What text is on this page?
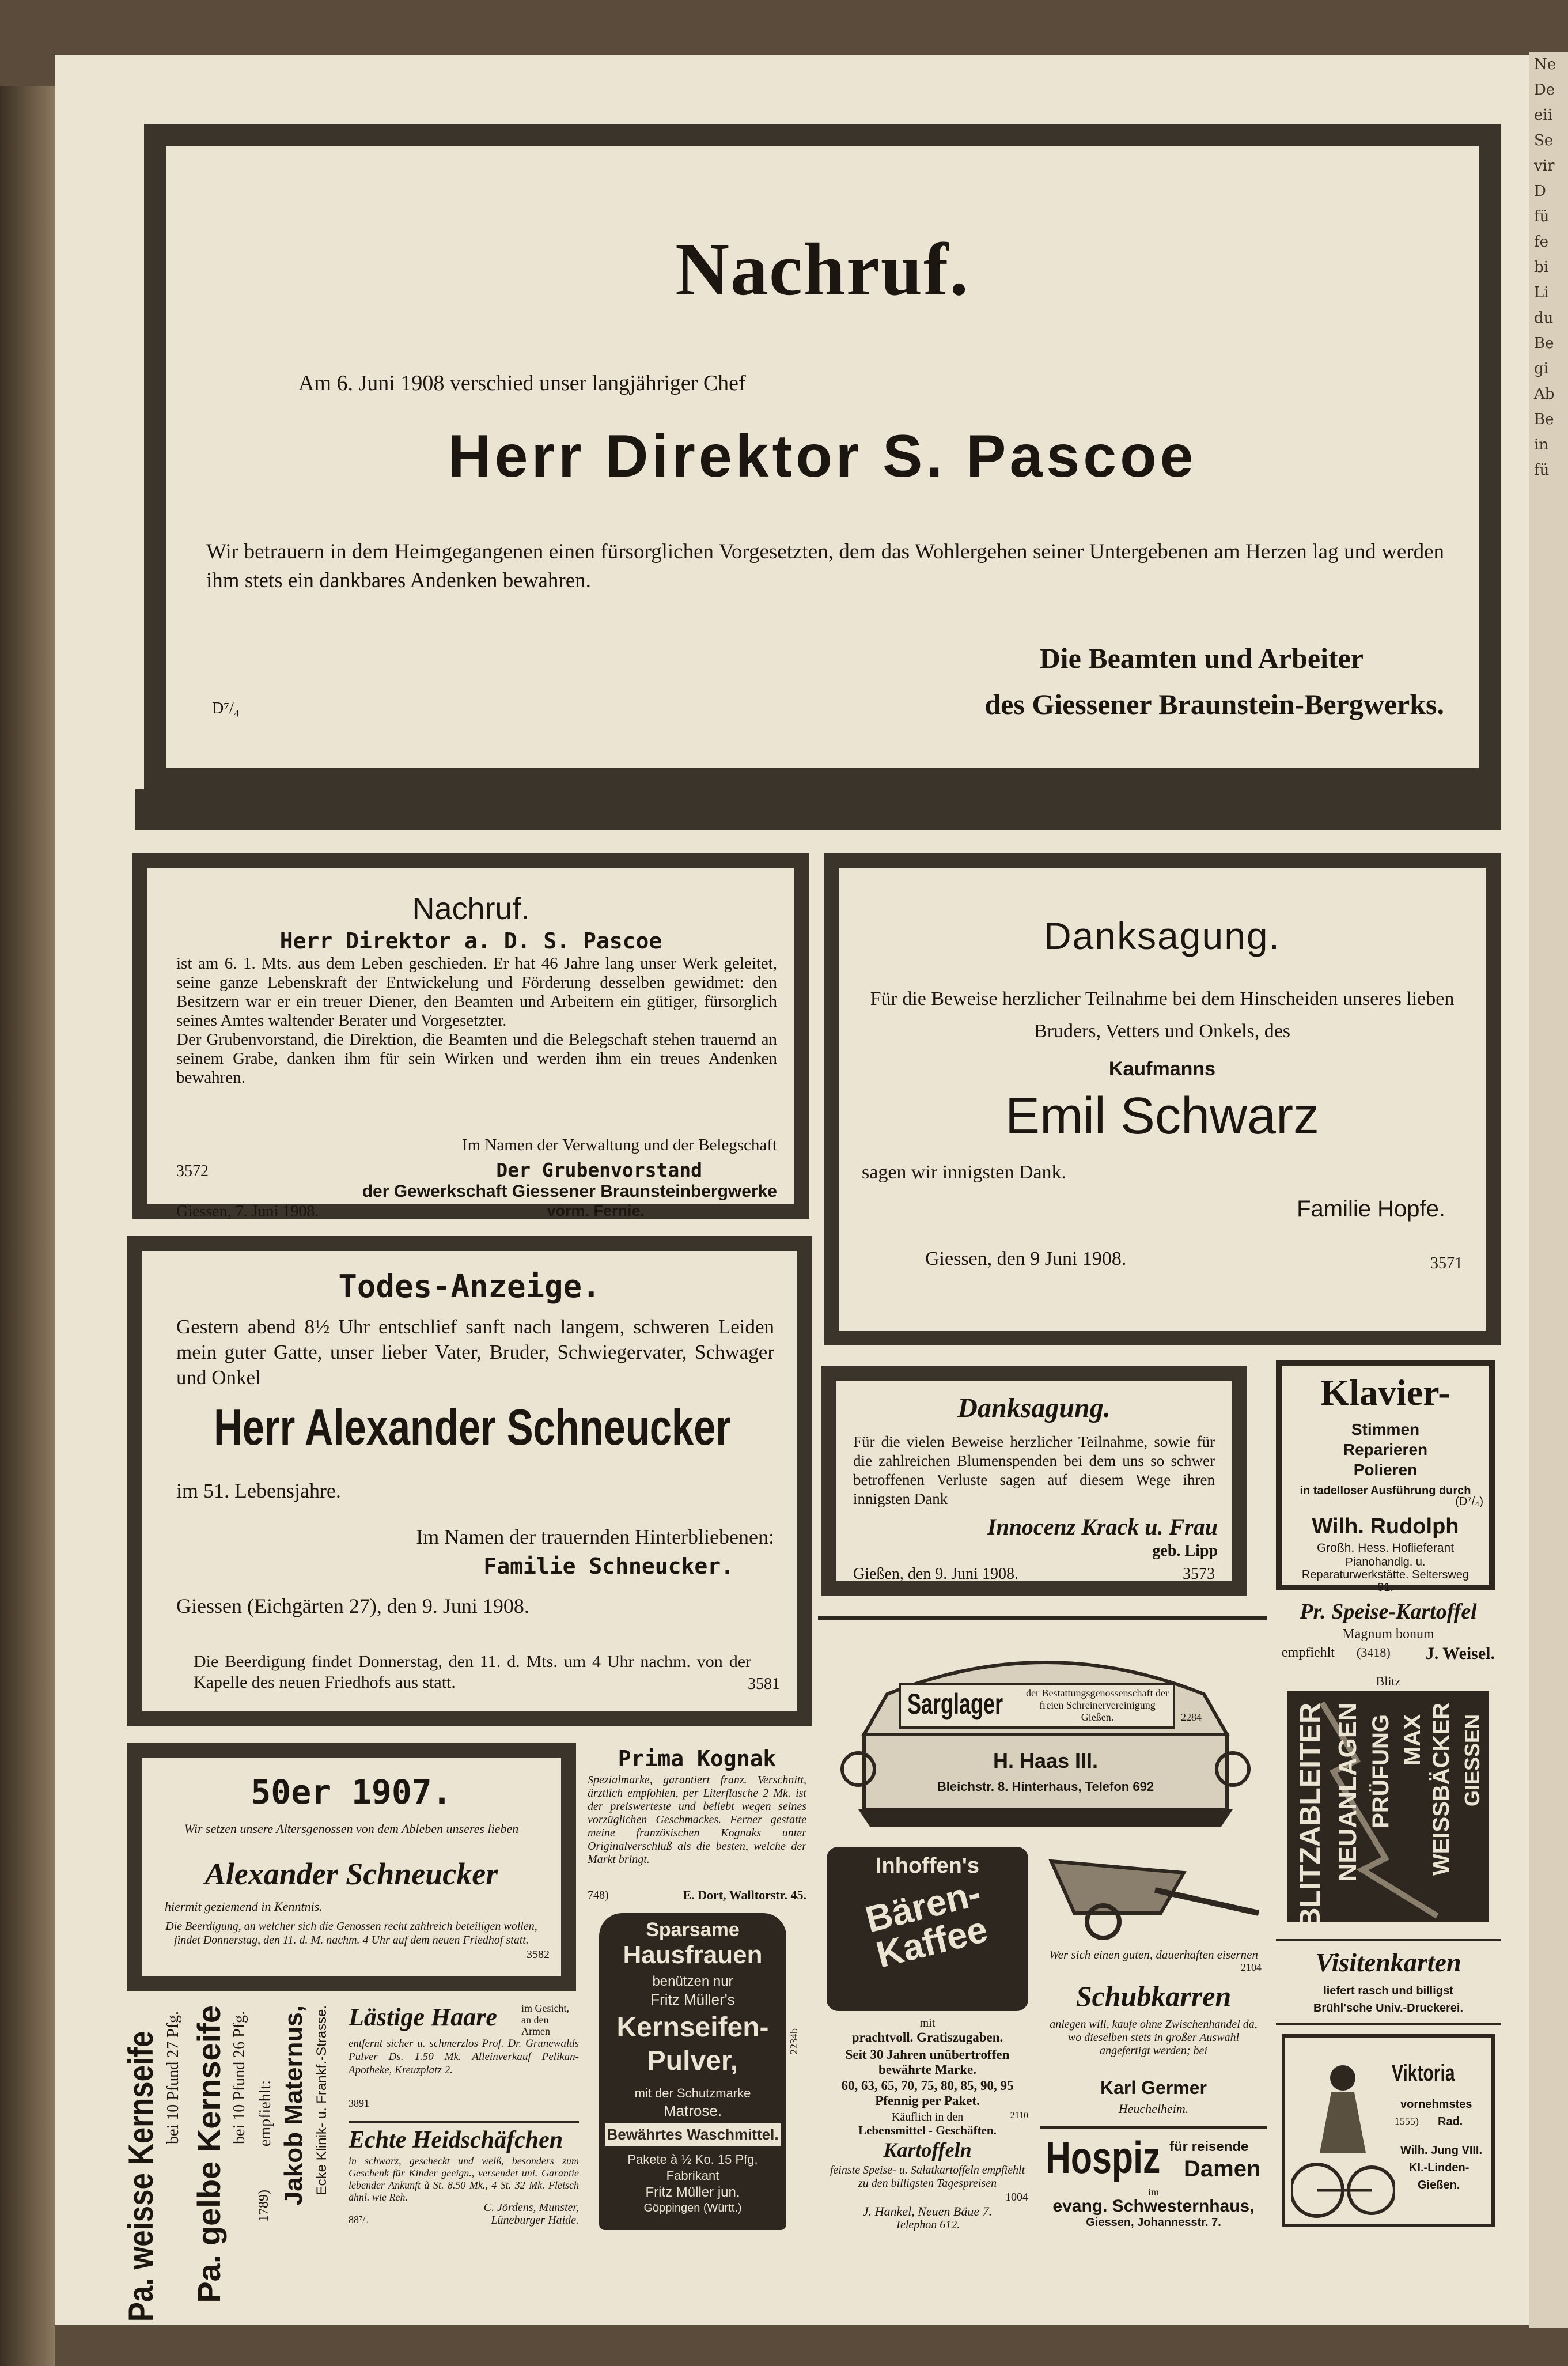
Ne
De
eii
Se
vir
D
fü
fe
bi
Li
du
Be
gi
Ab
Be
in
fü
Nachruf.
Am 6. Juni 1908 verschied unser langjähriger Chef
Herr Direktor S. Pascoe
Wir betrauern in dem Heimgegangenen einen fürsorglichen Vorgesetzten, dem das Wohlergehen seiner Untergebenen am Herzen lag und werden ihm stets ein dankbares Andenken bewahren.
Die Beamten und Arbeiter
des Giessener Braunstein-Bergwerks.
D⁷/₄
Nachruf.
Herr Direktor a. D. S. Pascoe
ist am 6. 1. Mts. aus dem Leben geschieden. Er hat 46 Jahre lang unser Werk geleitet, seine ganze Lebenskraft der Entwickelung und Förderung desselben gewidmet: den Besitzern war er ein treuer Diener, den Beamten und Arbeitern ein gütiger, fürsorglich seines Amtes waltender Berater und Vorgesetzter.
Der Grubenvorstand, die Direktion, die Beamten und die Belegschaft stehen trauernd an seinem Grabe, danken ihm für sein Wirken und werden ihm ein treues Andenken bewahren.
Im Namen der Verwaltung und der Belegschaft
3572	Der Grubenvorstand
der Gewerkschaft Giessener Braunsteinbergwerke
Giessen, 7. Juni 1908.	vorm. Fernie.
Danksagung.
Für die Beweise herzlicher Teilnahme bei dem Hinscheiden unseres lieben Bruders, Vetters und Onkels, des
Kaufmanns
Emil Schwarz
sagen wir innigsten Dank.
Familie Hopfe.
Giessen, den 9 Juni 1908.	3571
Todes-Anzeige.
Gestern abend 8½ Uhr entschlief sanft nach langem, schweren Leiden mein guter Gatte, unser lieber Vater, Bruder, Schwiegervater, Schwager und Onkel
Herr Alexander Schneucker
im 51. Lebensjahre.
Im Namen der trauernden Hinterbliebenen:
Familie Schneucker.
Giessen (Eichgärten 27), den 9. Juni 1908.
Die Beerdigung findet Donnerstag, den 11. d. Mts. um 4 Uhr nachm. von der Kapelle des neuen Friedhofs aus statt.	3581
Danksagung.
Für die vielen Beweise herzlicher Teilnahme, sowie für die zahlreichen Blumenspenden bei dem uns so schwer betroffenen Verluste sagen auf diesem Wege ihren innigsten Dank
Innocenz Krack u. Frau
geb. Lipp
Gießen, den 9. Juni 1908.	3573
Klavier-
Stimmen
Reparieren
Polieren
in tadelloser Ausführung durch
Wilh. Rudolph
Großh. Hess. Hoflieferant
Pianohandlg. u. Reparaturwerkstätte. Seltersweg 91.
(D⁷/₄)
Sarglager der Bestattungsgenossenschaft der freien Schreinervereinigung Gießen.	2284
H. Haas III.
Bleichstr. 8. Hinterhaus, Telefon 692
Pr. Speise-Kartoffel
Magnum bonum
empfiehlt (3418) J. Weisel.
Blitz
BLITZABLEITER NEUANLAGEN PRÜFUNG MAX WEISSBÄCKER GIESSEN
50er 1907.
Wir setzen unsere Altersgenossen von dem Ableben unseres lieben
Alexander Schneucker
hiermit geziemend in Kenntnis.
Die Beerdigung, an welcher sich die Genossen recht zahlreich beteiligen wollen, findet Donnerstag, den 11. d. M. nachm. 4 Uhr auf dem neuen Friedhof statt.
3582
Prima Kognak
Spezialmarke, garantiert franz. Verschnitt, ärztlich empfohlen, per Literflasche 2 Mk. ist der preiswerteste und beliebt wegen seines vorzüglichen Geschmackes. Ferner gestatte meine französischen Kognaks unter Originalverschluß als die besten, welche der Markt bringt.
748)	E. Dort, Walltorstr. 45.
Pa. weisse Kernseife bei 10 Pfund 27 Pfg. Pa. gelbe Kernseife bei 10 Pfund 26 Pfg. empfiehlt:
1789)
Jakob Maternus, Ecke Klinik- u. Frankf.-Strasse. Lästige Haare im Gesicht, an den Armen
entfernt sicher u. schmerzlos Prof. Dr. Grunewalds Pulver Ds. 1.50 Mk. Alleinverkauf Pelikan-Apotheke, Kreuzplatz 2.
3891
Echte Heidschäfchen
in schwarz, gescheckt und weiß, besonders zum Geschenk für Kinder geeign., versendet uni. Garantie lebender Ankunft à St. 8.50 Mk., 4 St. 32 Mk. Fleisch ähnl. wie Reh.
C. Jördens, Munster,
Lüneburger Haide.
88⁷/₄
Sparsame
Hausfrauen
benützen nur
Fritz Müller's
Kernseifen-Pulver,
mit der Schutzmarke
Matrose.
Bewährtes Waschmittel.
Pakete à ½ Ko. 15 Pfg.
Fabrikant
Fritz Müller jun.
Göppingen (Württ.)
2234b
Inhoffen's
Bären-Kaffee
mit
prachtvoll. Gratiszugaben.
Seit 30 Jahren unübertroffen bewährte Marke.
60, 63, 65, 70, 75, 80, 85, 90, 95 Pfennig per Paket.
Käuflich in den
Lebensmittel - Geschäften.
2110
Kartoffeln
feinste Speise- u. Salatkartoffeln empfiehlt zu den billigsten Tagespreisen
1004
J. Hankel, Neuen Bäue 7.
Telephon 612.
Wer sich einen guten, dauerhaften eisernen
2104
Schubkarren
anlegen will, kaufe ohne Zwischenhandel da, wo dieselben stets in großer Auswahl angefertigt werden; bei
Karl Germer
Heuchelheim.
Hospiz für reisende
Damen
im
evang. Schwesternhaus,
Giessen, Johannesstr. 7.
Visitenkarten
liefert rasch und billigst
Brühl'sche Univ.-Druckerei.
Viktoria
vornehmstes
1555) Rad.
Wilh. Jung VIII.
Kl.-Linden-
Gießen.
